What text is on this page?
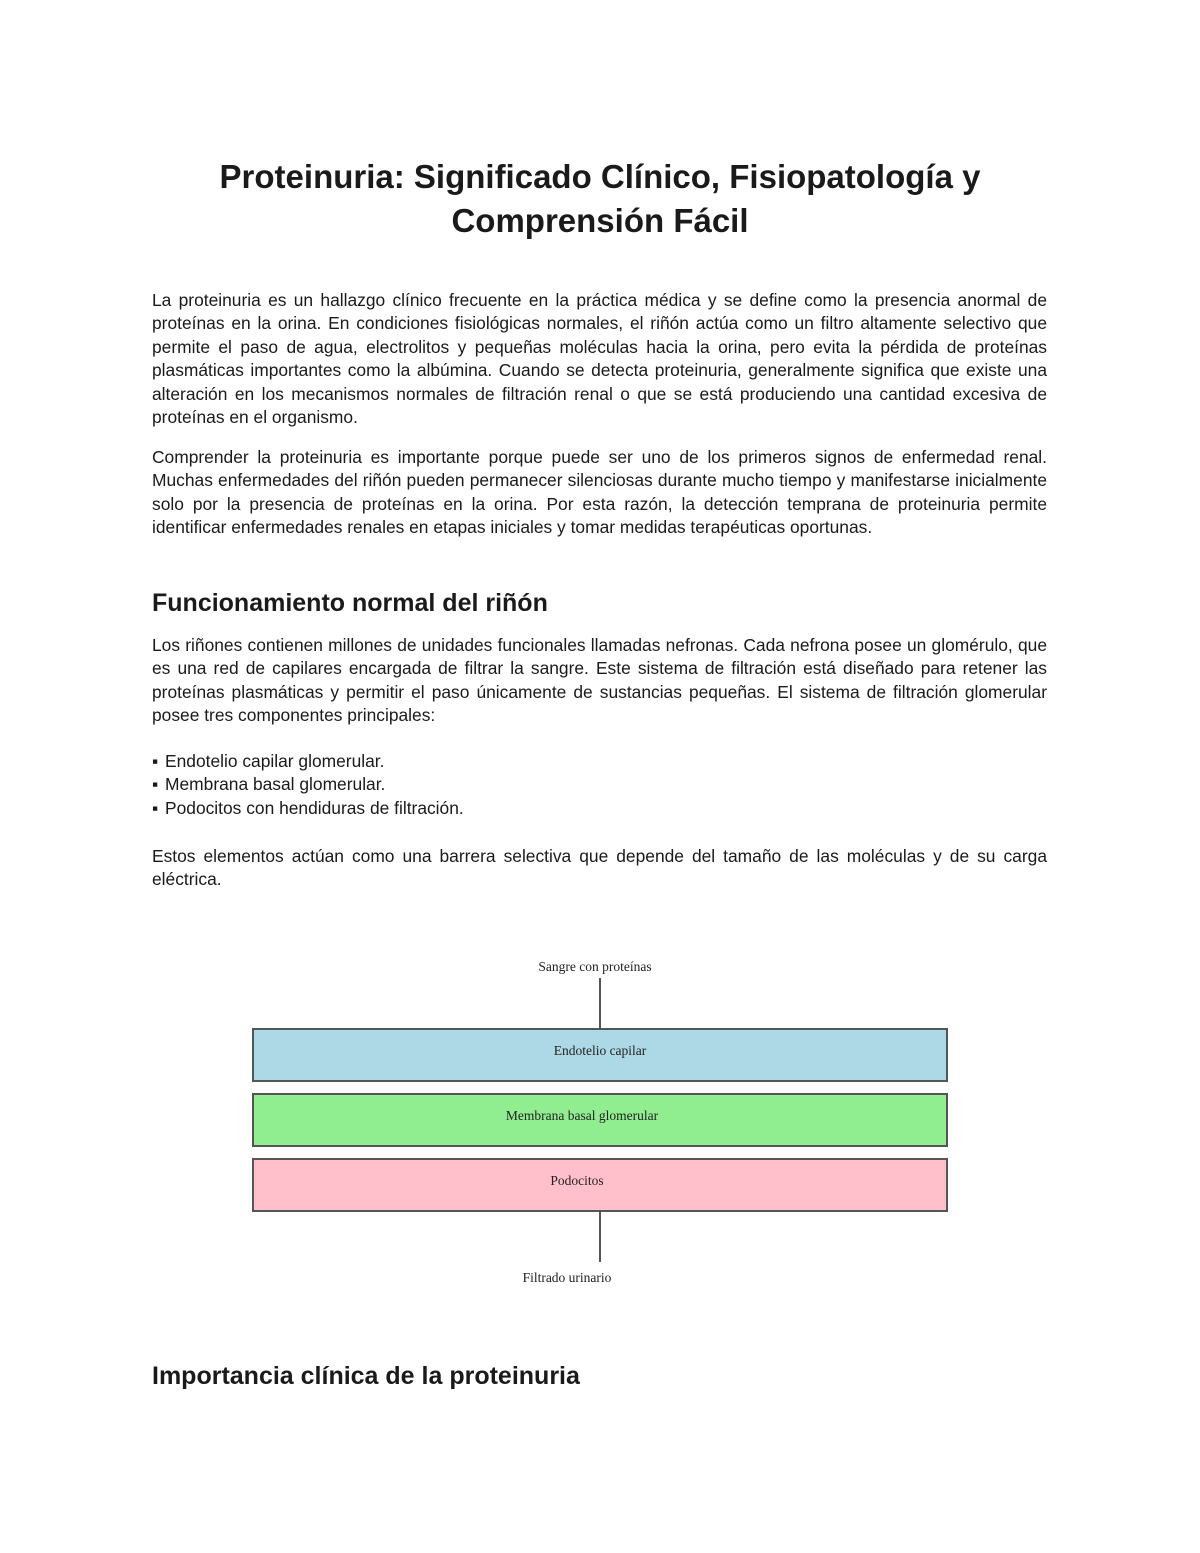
Proteinuria: Significado Clínico, Fisiopatología y Comprensión Fácil

La proteinuria es un hallazgo clínico frecuente en la práctica médica y se define como la presencia anormal de proteínas en la orina. En condiciones fisiológicas normales, el riñón actúa como un filtro altamente selectivo que permite el paso de agua, electrolitos y pequeñas moléculas hacia la orina, pero evita la pérdida de proteínas plasmáticas importantes como la albúmina. Cuando se detecta proteinuria, generalmente significa que existe una alteración en los mecanismos normales de filtración renal o que se está produciendo una cantidad excesiva de proteínas en el organismo.

Comprender la proteinuria es importante porque puede ser uno de los primeros signos de enfermedad renal. Muchas enfermedades del riñón pueden permanecer silenciosas durante mucho tiempo y manifestarse inicialmente solo por la presencia de proteínas en la orina. Por esta razón, la detección temprana de proteinuria permite identificar enfermedades renales en etapas iniciales y tomar medidas terapéuticas oportunas.

Funcionamiento normal del riñón

Los riñones contienen millones de unidades funcionales llamadas nefronas. Cada nefrona posee un glomérulo, que es una red de capilares encargada de filtrar la sangre. Este sistema de filtración está diseñado para retener las proteínas plasmáticas y permitir el paso únicamente de sustancias pequeñas. El sistema de filtración glomerular posee tres componentes principales:

▪ Endotelio capilar glomerular.
▪ Membrana basal glomerular.
▪ Podocitos con hendiduras de filtración.

Estos elementos actúan como una barrera selectiva que depende del tamaño de las moléculas y de su carga eléctrica.

Sangre con proteínas
Endotelio capilar
Membrana basal glomerular
Podocitos
Filtrado urinario
Importancia clínica de la proteinuria
